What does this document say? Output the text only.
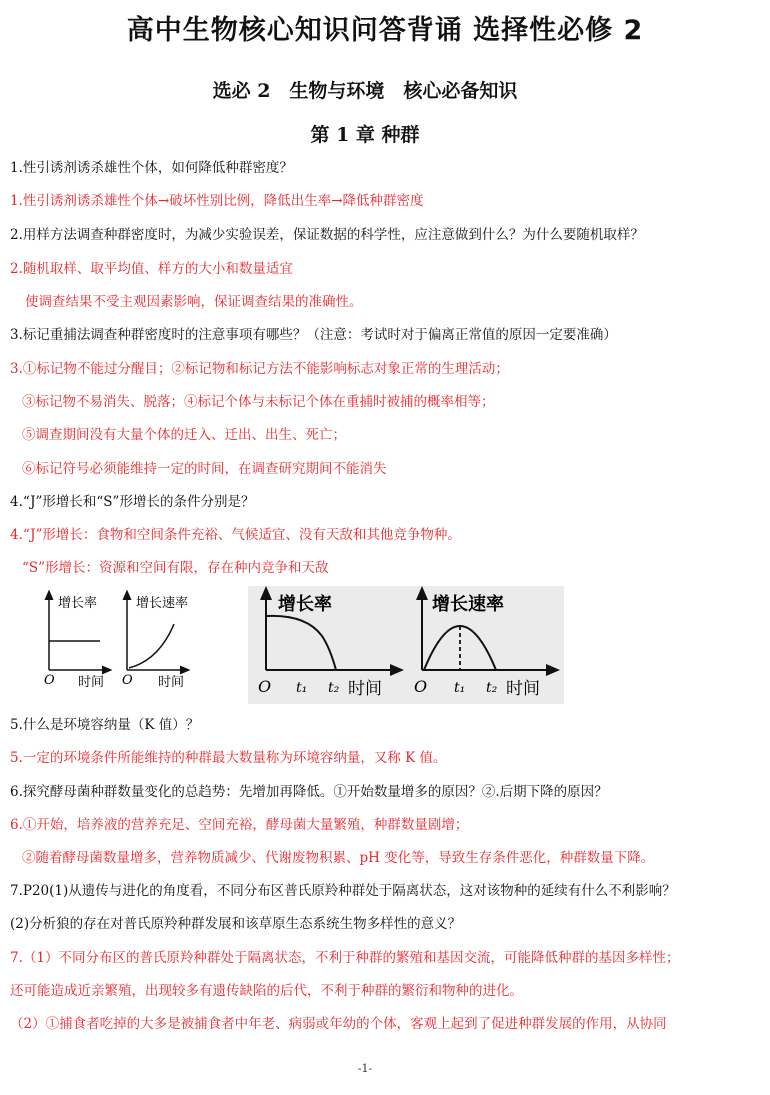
高中生物核心知识问答背诵 选择性必修 2
选必 2　生物与环境　核心必备知识
第 1 章 种群
1.性引诱剂诱杀雄性个体，如何降低种群密度？
1.性引诱剂诱杀雄性个体→破坏性别比例，降低出生率→降低种群密度
2.用样方法调查种群密度时，为减少实验误差，保证数据的科学性，应注意做到什么？为什么要随机取样？
2.随机取样、取平均值、样方的大小和数量适宜
使调查结果不受主观因素影响，保证调查结果的准确性。
3.标记重捕法调查种群密度时的注意事项有哪些？（注意：考试时对于偏离正常值的原因一定要准确）
3.①标记物不能过分醒目；②标记物和标记方法不能影响标志对象正常的生理活动；
③标记物不易消失、脱落；④标记个体与未标记个体在重捕时被捕的概率相等；
⑤调查期间没有大量个体的迁入、迁出、出生、死亡；
⑥标记符号必须能维持一定的时间，在调查研究期间不能消失
4.“J”形增长和“S”形增长的条件分别是？
4.“J”形增长：食物和空间条件充裕、气候适宜、没有天敌和其他竞争物种。
“S”形增长：资源和空间有限，存在种内竞争和天敌
增长率
O 时间
增长速率
O 时间
增长率
O t₁ t₂ 时间
增长速率
O t₁ t₂ 时间
5.什么是环境容纳量（K 值）？
5.一定的环境条件所能维持的种群最大数量称为环境容纳量，又称 K 值。
6.探究酵母菌种群数量变化的总趋势：先增加再降低。①开始数量增多的原因？②.后期下降的原因？
6.①开始，培养液的营养充足、空间充裕，酵母菌大量繁殖，种群数量剧增；
②随着酵母菌数量增多，营养物质减少、代谢废物积累、pH 变化等，导致生存条件恶化，种群数量下降。
7.P20(1)从遗传与进化的角度看，不同分布区普氏原羚种群处于隔离状态，这对该物种的延续有什么不利影响？
(2)分析狼的存在对普氏原羚种群发展和该草原生态系统生物多样性的意义？
7.（1）不同分布区的普氏原羚种群处于隔离状态，不利于种群的繁殖和基因交流，可能降低种群的基因多样性；
还可能造成近亲繁殖，出现较多有遗传缺陷的后代，不利于种群的繁衍和物种的进化。
（2）①捕食者吃掉的大多是被捕食者中年老、病弱或年幼的个体，客观上起到了促进种群发展的作用，从协同
-1-
